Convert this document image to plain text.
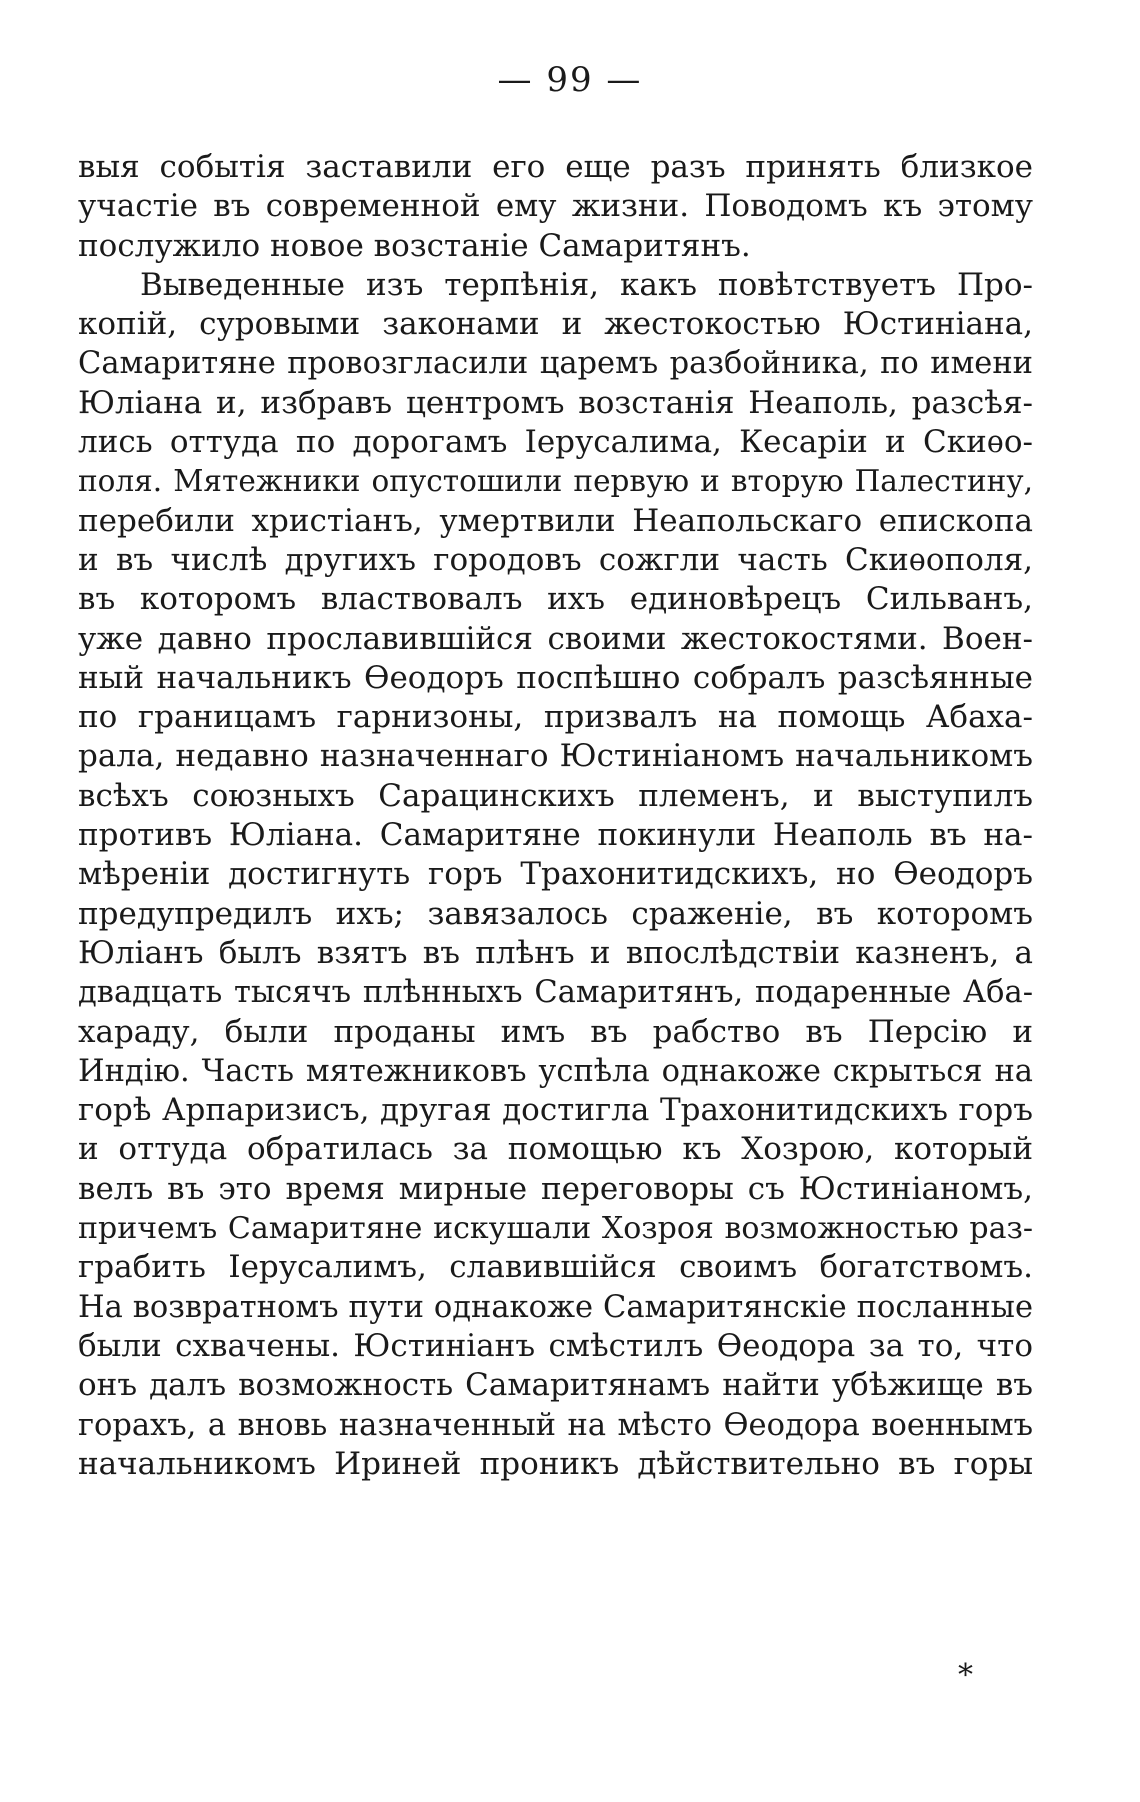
— 99 —
выя событія заставили его еще разъ принять близкое
участіе въ современной ему жизни. Поводомъ къ этому
послужило новое возстаніе Самаритянъ.
Выведенные изъ терпѣнія, какъ повѣтствуетъ Про-
копій, суровыми законами и жестокостью Юстиніана,
Самаритяне провозгласили царемъ разбойника, по имени
Юліана и, избравъ центромъ возстанія Неаполь, разсѣя-
лись оттуда по дорогамъ Іерусалима, Кесаріи и Скиѳо-
поля. Мятежники опустошили первую и вторую Палестину,
перебили христіанъ, умертвили Неапольскаго епископа
и въ числѣ другихъ городовъ сожгли часть Скиѳополя,
въ которомъ властвовалъ ихъ единовѣрецъ Сильванъ,
уже давно прославившійся своими жестокостями. Воен-
ный начальникъ Ѳеодоръ поспѣшно собралъ разсѣянные
по границамъ гарнизоны, призвалъ на помощь Абаха-
рала, недавно назначеннаго Юстиніаномъ начальникомъ
всѣхъ союзныхъ Сарацинскихъ племенъ, и выступилъ
противъ Юліана. Самаритяне покинули Неаполь въ на-
мѣреніи достигнуть горъ Трахонитидскихъ, но Ѳеодоръ
предупредилъ ихъ; завязалось сраженіе, въ которомъ
Юліанъ былъ взятъ въ плѣнъ и впослѣдствіи казненъ, а
двадцать тысячъ плѣнныхъ Самаритянъ, подаренные Аба-
хараду, были проданы имъ въ рабство въ Персію и
Индію. Часть мятежниковъ успѣла однакоже скрыться на
горѣ Арпаризисъ, другая достигла Трахонитидскихъ горъ
и оттуда обратилась за помощью къ Хозрою, который
велъ въ это время мирные переговоры съ Юстиніаномъ,
причемъ Самаритяне искушали Хозроя возможностью раз-
грабить Іерусалимъ, славившійся своимъ богатствомъ.
На возвратномъ пути однакоже Самаритянскіе посланные
были схвачены. Юстиніанъ смѣстилъ Ѳеодора за то, что
онъ далъ возможность Самаритянамъ найти убѣжище въ
горахъ, а вновь назначенный на мѣсто Ѳеодора военнымъ
начальникомъ Ириней проникъ дѣйствительно въ горы
*
